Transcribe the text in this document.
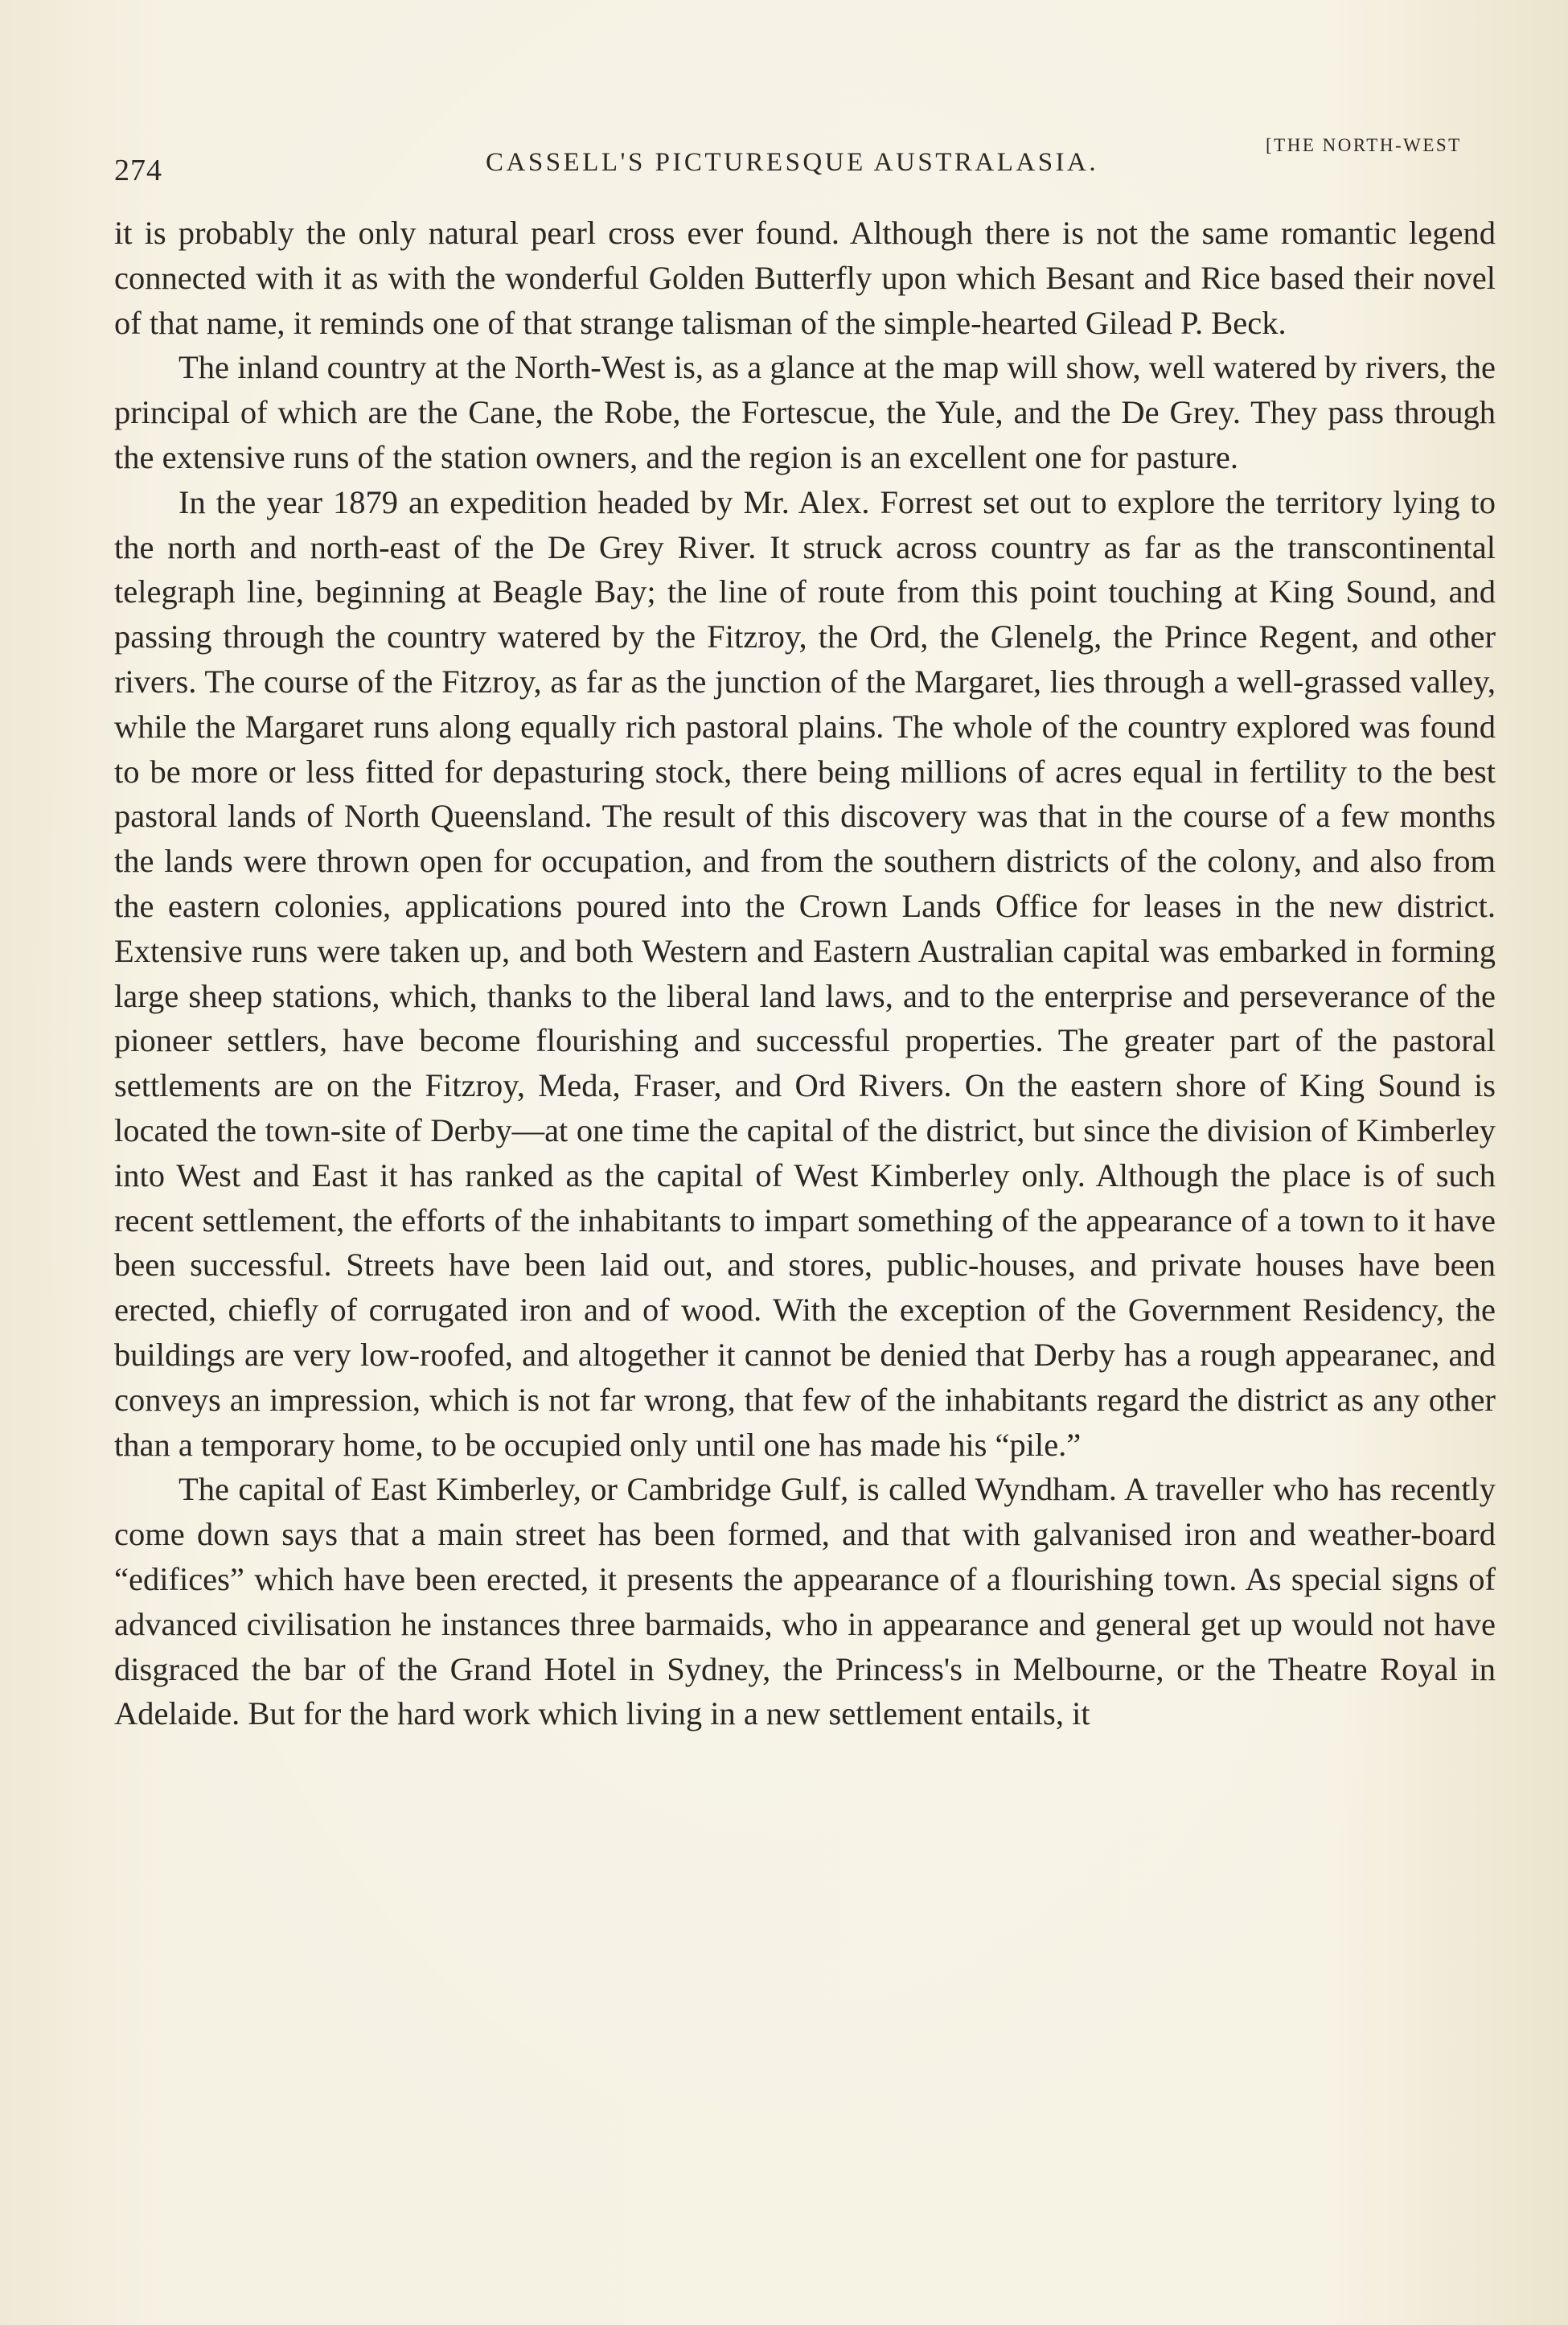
274	CASSELL'S PICTURESQUE AUSTRALASIA.
[THE NORTH-WEST

it is probably the only natural pearl cross ever found. Although there is not the same romantic legend connected with it as with the wonderful Golden Butterfly upon which Besant and Rice based their novel of that name, it reminds one of that strange talisman of the simple-hearted Gilead P. Beck.

The inland country at the North-West is, as a glance at the map will show, well watered by rivers, the principal of which are the Cane, the Robe, the Fortescue, the Yule, and the De Grey. They pass through the extensive runs of the station owners, and the region is an excellent one for pasture.

In the year 1879 an expedition headed by Mr. Alex. Forrest set out to explore the territory lying to the north and north-east of the De Grey River. It struck across country as far as the transcontinental telegraph line, beginning at Beagle Bay; the line of route from this point touching at King Sound, and passing through the country watered by the Fitzroy, the Ord, the Glenelg, the Prince Regent, and other rivers. The course of the Fitzroy, as far as the junction of the Margaret, lies through a well-grassed valley, while the Margaret runs along equally rich pastoral plains. The whole of the country explored was found to be more or less fitted for depasturing stock, there being millions of acres equal in fertility to the best pastoral lands of North Queensland. The result of this discovery was that in the course of a few months the lands were thrown open for occupation, and from the southern districts of the colony, and also from the eastern colonies, applications poured into the Crown Lands Office for leases in the new district. Extensive runs were taken up, and both Western and Eastern Australian capital was embarked in forming large sheep stations, which, thanks to the liberal land laws, and to the enterprise and perseverance of the pioneer settlers, have become flourishing and successful properties. The greater part of the pastoral settlements are on the Fitzroy, Meda, Fraser, and Ord Rivers. On the eastern shore of King Sound is located the town-site of Derby—at one time the capital of the district, but since the division of Kimberley into West and East it has ranked as the capital of West Kimberley only. Although the place is of such recent settlement, the efforts of the inhabitants to impart something of the appearance of a town to it have been successful. Streets have been laid out, and stores, public-houses, and private houses have been erected, chiefly of corrugated iron and of wood. With the exception of the Government Residency, the buildings are very low-roofed, and altogether it cannot be denied that Derby has a rough appearanec, and conveys an impression, which is not far wrong, that few of the inhabitants regard the district as any other than a temporary home, to be occupied only until one has made his “pile.”

The capital of East Kimberley, or Cambridge Gulf, is called Wyndham. A traveller who has recently come down says that a main street has been formed, and that with galvanised iron and weather-board “edifices” which have been erected, it presents the appearance of a flourishing town. As special signs of advanced civilisation he instances three barmaids, who in appearance and general get up would not have disgraced the bar of the Grand Hotel in Sydney, the Princess's in Melbourne, or the Theatre Royal in Adelaide. But for the hard work which living in a new settlement entails, it
